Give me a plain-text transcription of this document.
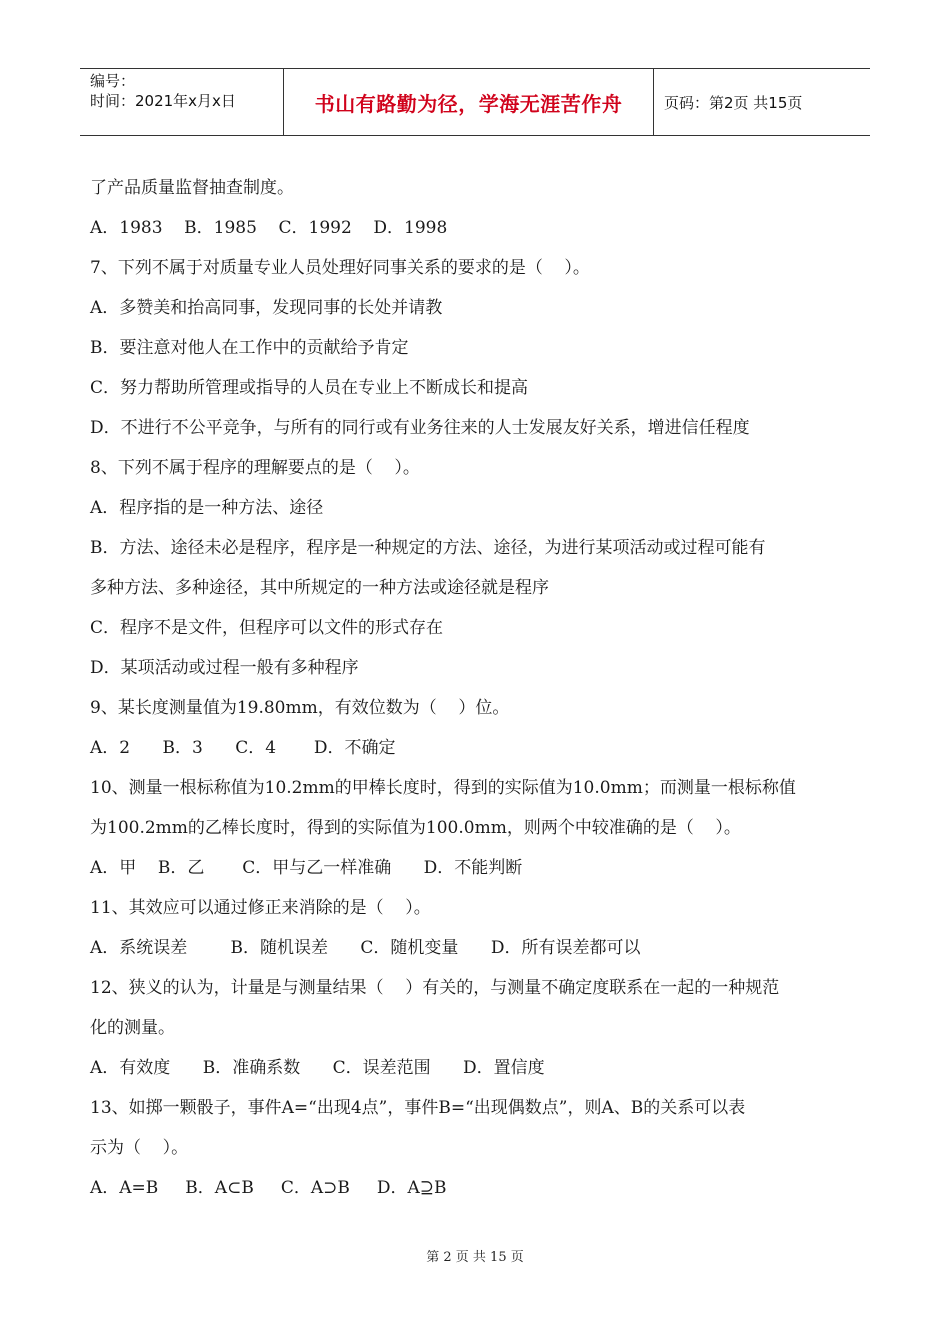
编号：
时间：2021年x月x日	书山有路勤为径，学海无涯苦作舟	页码：第2页 共15页
了产品质量监督抽查制度。
A．1983    B．1985    C．1992    D．1998
7、下列不属于对质量专业人员处理好同事关系的要求的是（    ）。
A．多赞美和抬高同事，发现同事的长处并请教
B．要注意对他人在工作中的贡献给予肯定
C．努力帮助所管理或指导的人员在专业上不断成长和提高
D．不进行不公平竞争，与所有的同行或有业务往来的人士发展友好关系，增进信任程度
8、下列不属于程序的理解要点的是（    ）。
A．程序指的是一种方法、途径
B．方法、途径未必是程序，程序是一种规定的方法、途径，为进行某项活动或过程可能有
多种方法、多种途径，其中所规定的一种方法或途径就是程序
C．程序不是文件，但程序可以文件的形式存在
D．某项活动或过程一般有多种程序
9、某长度测量值为19.80mm，有效位数为（    ）位。
A．2      B．3      C．4       D．不确定
10、测量一根标称值为10.2mm的甲棒长度时，得到的实际值为10.0mm；而测量一根标称值
为100.2mm的乙棒长度时，得到的实际值为100.0mm，则两个中较准确的是（    ）。
A．甲    B．乙       C．甲与乙一样准确      D．不能判断
11、其效应可以通过修正来消除的是（    ）。
A．系统误差        B．随机误差      C．随机变量      D．所有误差都可以
12、狭义的认为，计量是与测量结果（    ）有关的，与测量不确定度联系在一起的一种规范
化的测量。
A．有效度      B．准确系数      C．误差范围      D．置信度
13、如掷一颗骰子，事件A=“出现4点”，事件B=“出现偶数点”，则A、B的关系可以表
示为（    ）。
A．A=B     B．A⊂B     C．A⊃B     D．A⊇B
第 2 页 共 15 页
